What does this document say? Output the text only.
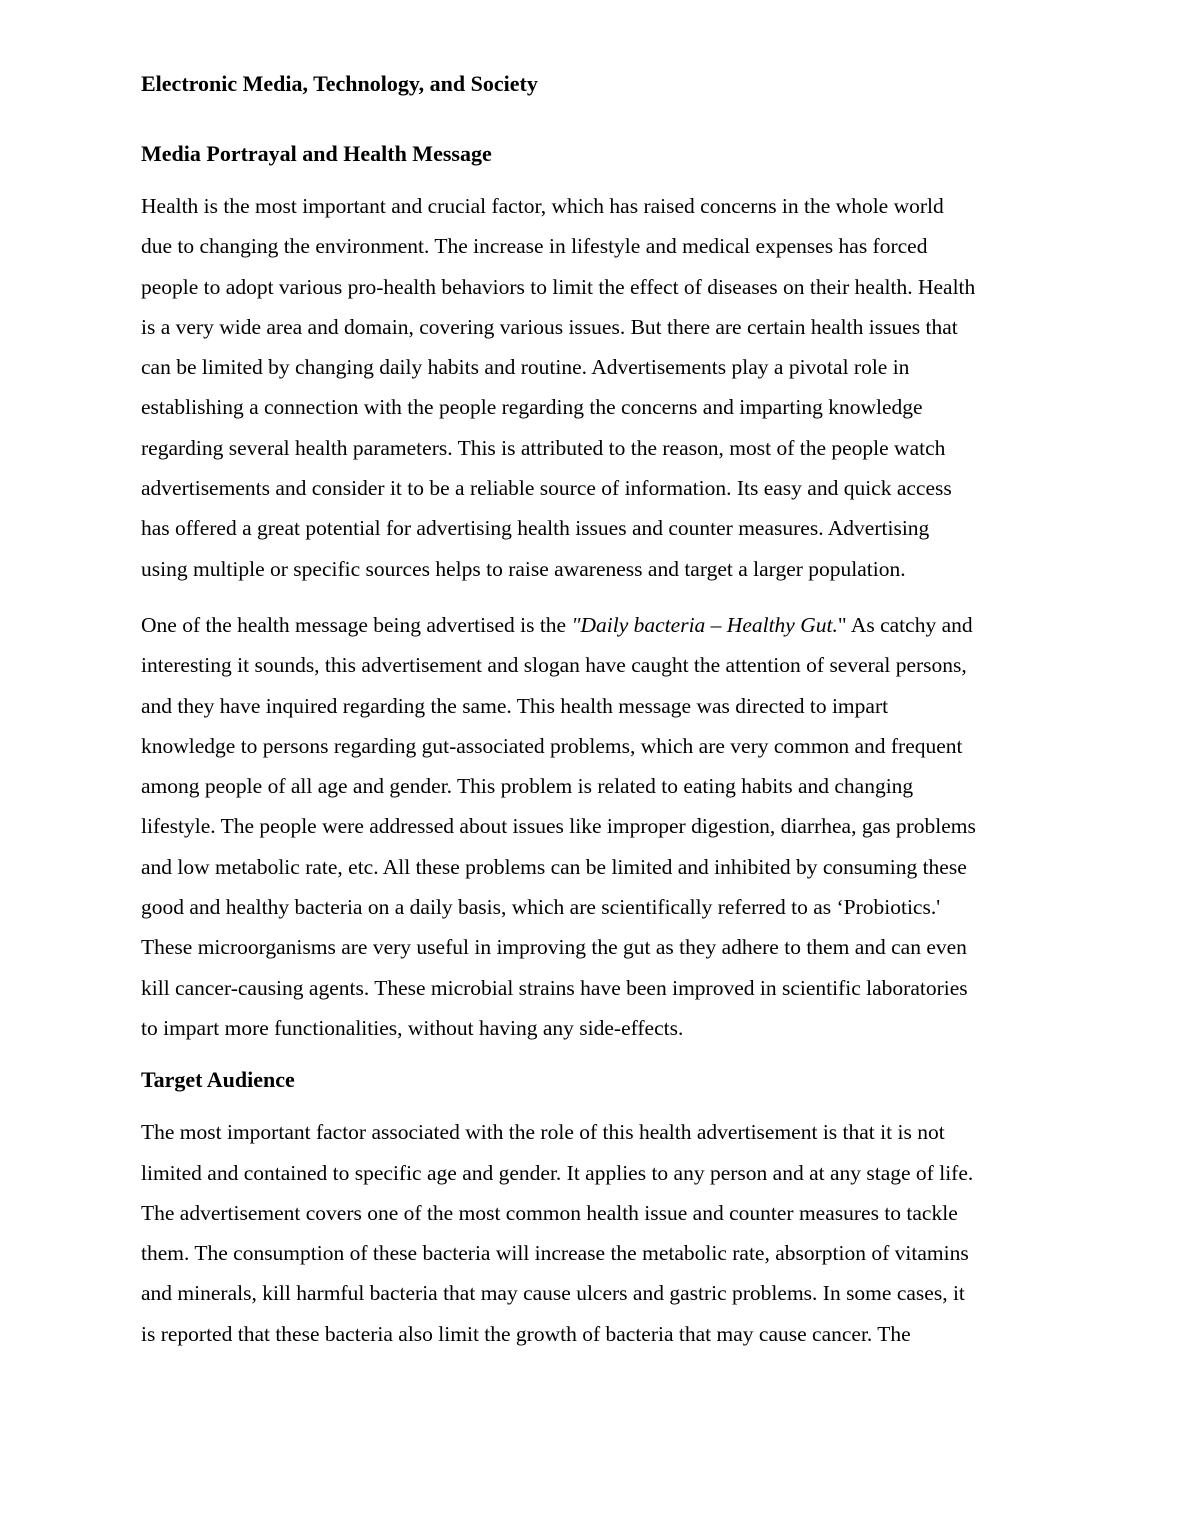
Electronic Media, Technology, and Society
Media Portrayal and Health Message

Health is the most important and crucial factor, which has raised concerns in the whole world
due to changing the environment. The increase in lifestyle and medical expenses has forced
people to adopt various pro-health behaviors to limit the effect of diseases on their health. Health
is a very wide area and domain, covering various issues. But there are certain health issues that
can be limited by changing daily habits and routine. Advertisements play a pivotal role in
establishing a connection with the people regarding the concerns and imparting knowledge
regarding several health parameters. This is attributed to the reason, most of the people watch
advertisements and consider it to be a reliable source of information. Its easy and quick access
has offered a great potential for advertising health issues and counter measures. Advertising
using multiple or specific sources helps to raise awareness and target a larger population.

One of the health message being advertised is the "Daily bacteria – Healthy Gut." As catchy and
interesting it sounds, this advertisement and slogan have caught the attention of several persons,
and they have inquired regarding the same. This health message was directed to impart
knowledge to persons regarding gut-associated problems, which are very common and frequent
among people of all age and gender. This problem is related to eating habits and changing
lifestyle. The people were addressed about issues like improper digestion, diarrhea, gas problems
and low metabolic rate, etc. All these problems can be limited and inhibited by consuming these
good and healthy bacteria on a daily basis, which are scientifically referred to as ‘Probiotics.'
These microorganisms are very useful in improving the gut as they adhere to them and can even
kill cancer-causing agents. These microbial strains have been improved in scientific laboratories
to impart more functionalities, without having any side-effects.

Target Audience

The most important factor associated with the role of this health advertisement is that it is not
limited and contained to specific age and gender. It applies to any person and at any stage of life.
The advertisement covers one of the most common health issue and counter measures to tackle
them. The consumption of these bacteria will increase the metabolic rate, absorption of vitamins
and minerals, kill harmful bacteria that may cause ulcers and gastric problems. In some cases, it
is reported that these bacteria also limit the growth of bacteria that may cause cancer. The
